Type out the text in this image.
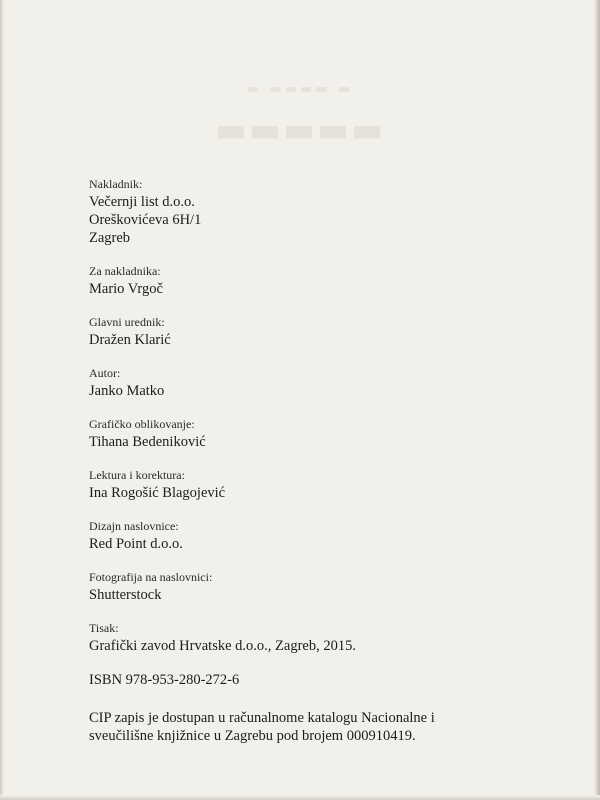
▬ ▬▬▬▬ ▬
▬▬▬▬▬
Nakladnik:
Večernji list d.o.o.
Oreškovićeva 6H/1
Zagreb
Za nakladnika:
Mario Vrgoč
Glavni urednik:
Dražen Klarić
Autor:
Janko Matko
Grafičko oblikovanje:
Tihana Bedeniković
Lektura i korektura:
Ina Rogošić Blagojević
Dizajn naslovnice:
Red Point d.o.o.
Fotografija na naslovnici:
Shutterstock
Tisak:
Grafički zavod Hrvatske d.o.o., Zagreb, 2015.
ISBN 978-953-280-272-6
CIP zapis je dostupan u računalnome katalogu Nacionalne i
sveučilišne knjižnice u Zagrebu pod brojem 000910419.
